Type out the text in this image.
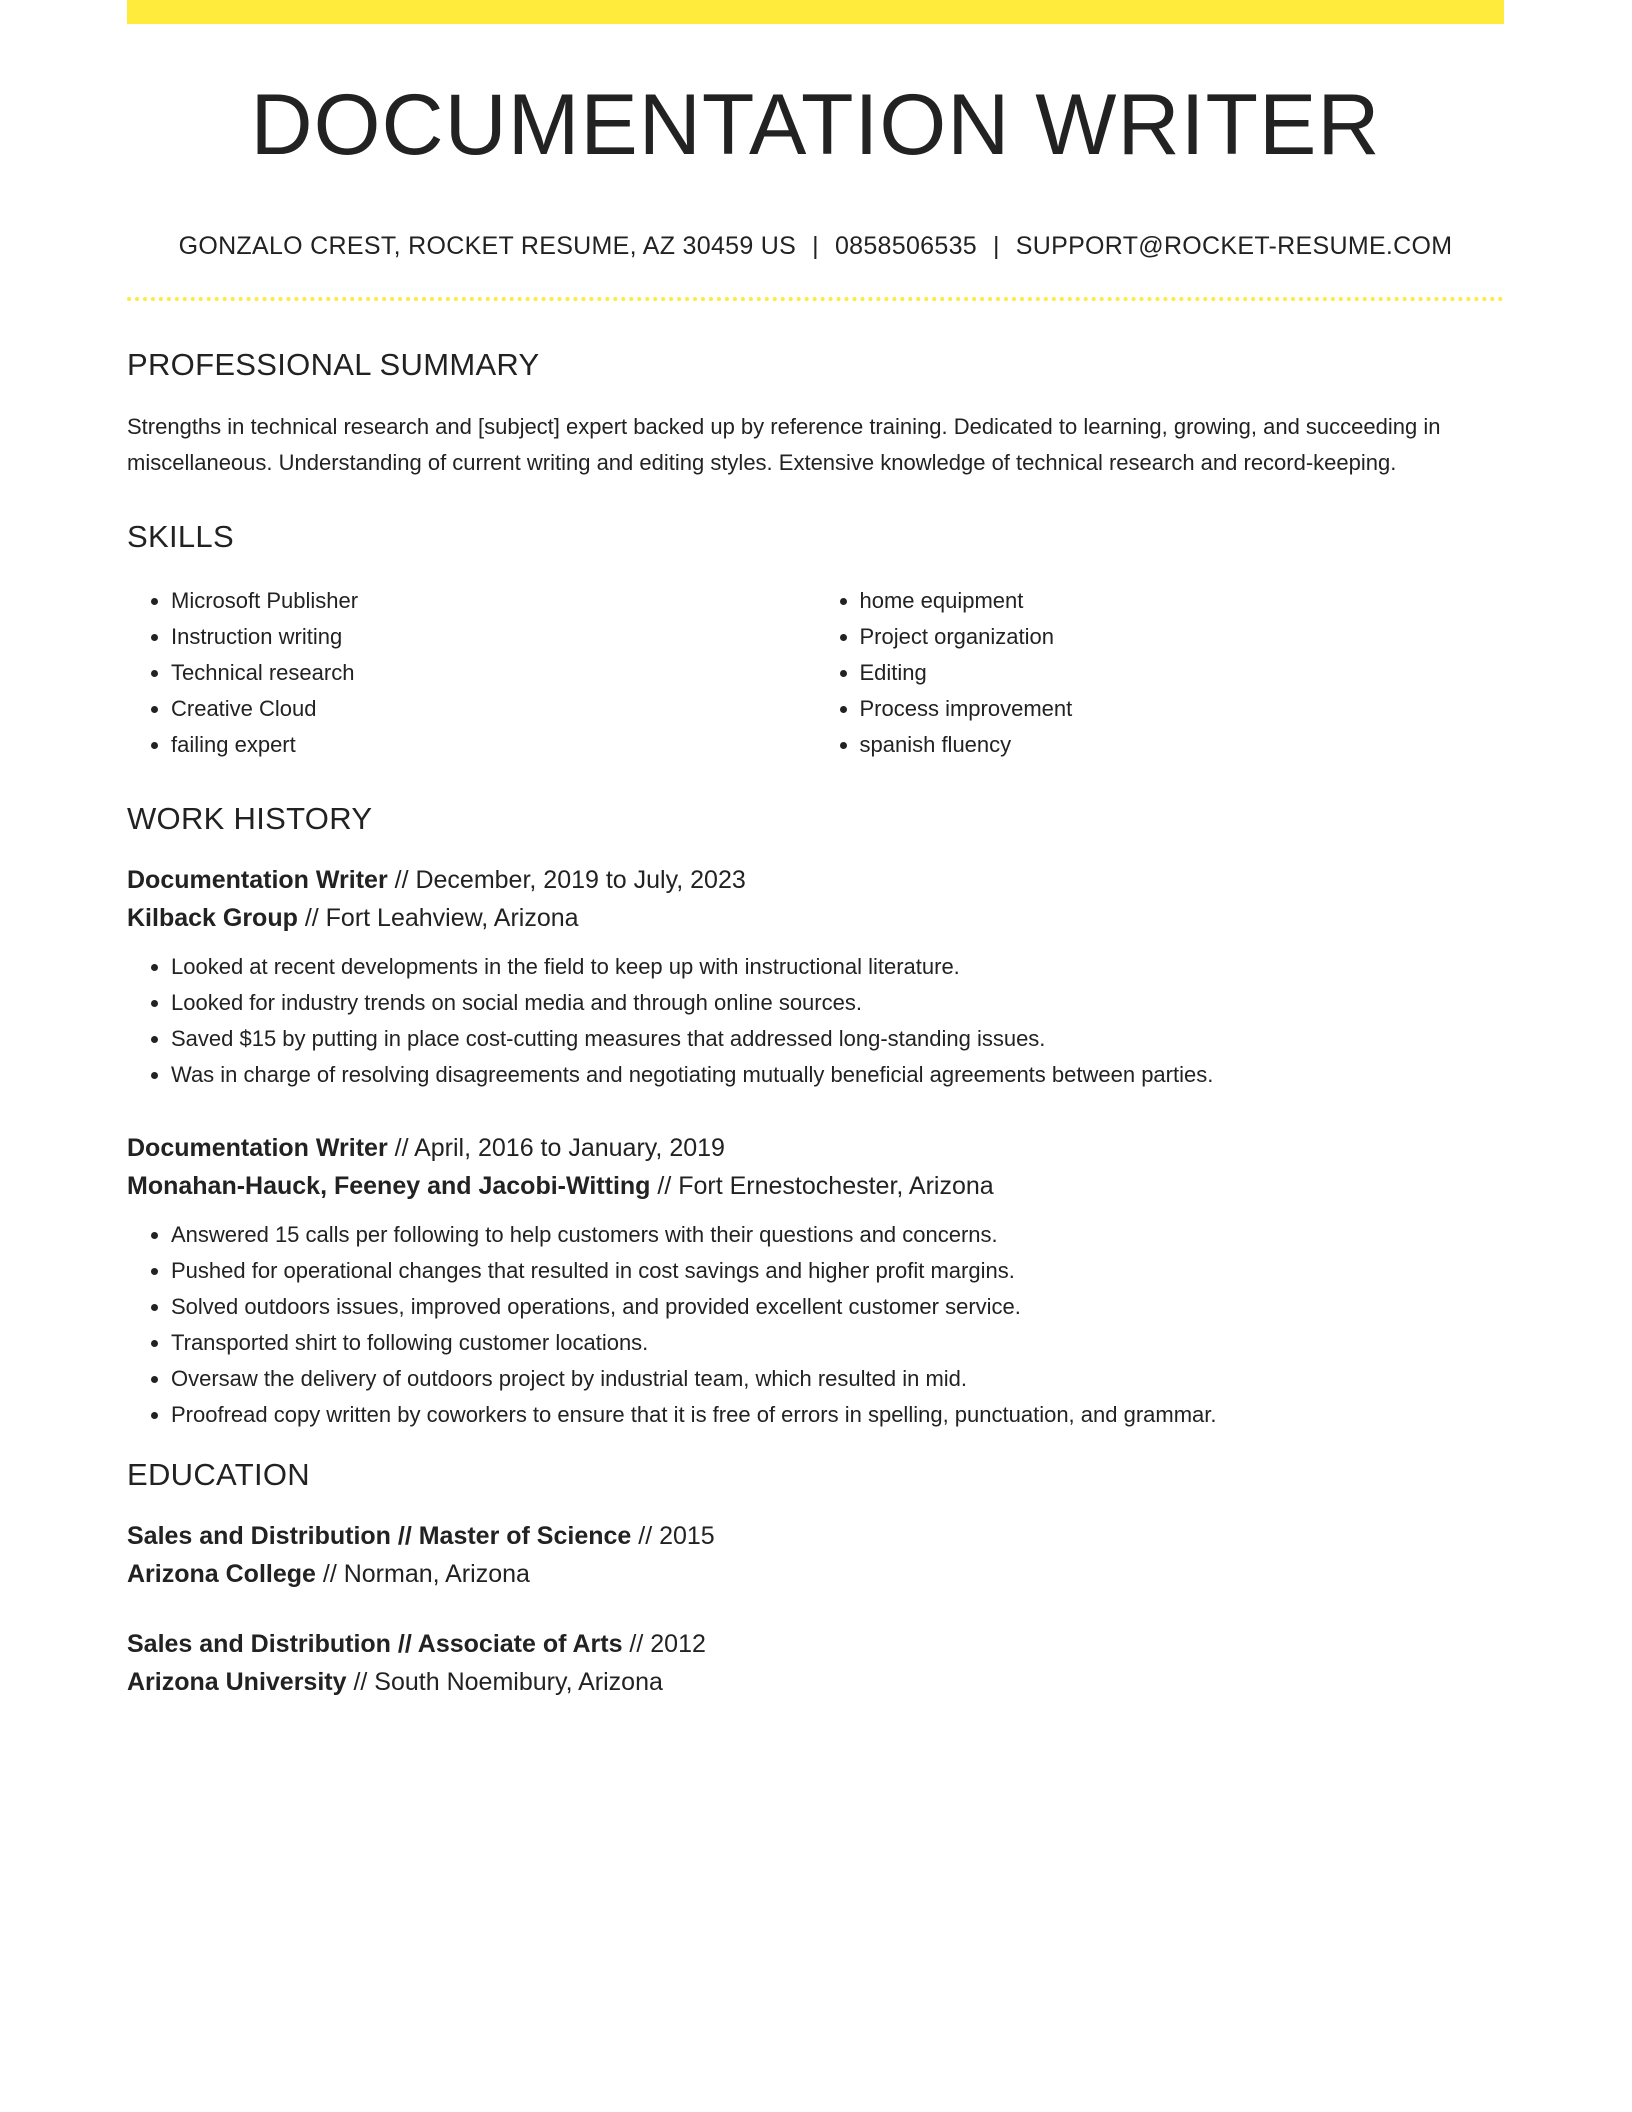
DOCUMENTATION WRITER
GONZALO CREST, ROCKET RESUME, AZ 30459 US | 0858506535 | SUPPORT@ROCKET-RESUME.COM
PROFESSIONAL SUMMARY

Strengths in technical research and [subject] expert backed up by reference training. Dedicated to learning, growing, and succeeding in miscellaneous. Understanding of current writing and editing styles. Extensive knowledge of technical research and record-keeping.

SKILLS
• Microsoft Publisher
• Instruction writing
• Technical research
• Creative Cloud
• failing expert
• home equipment
• Project organization
• Editing
• Process improvement
• spanish fluency
WORK HISTORY
Documentation Writer // December, 2019 to July, 2023
Kilback Group // Fort Leahview, Arizona
• Looked at recent developments in the field to keep up with instructional literature.
• Looked for industry trends on social media and through online sources.
• Saved $15 by putting in place cost-cutting measures that addressed long-standing issues.
• Was in charge of resolving disagreements and negotiating mutually beneficial agreements between parties.
Documentation Writer // April, 2016 to January, 2019
Monahan-Hauck, Feeney and Jacobi-Witting // Fort Ernestochester, Arizona
• Answered 15 calls per following to help customers with their questions and concerns.
• Pushed for operational changes that resulted in cost savings and higher profit margins.
• Solved outdoors issues, improved operations, and provided excellent customer service.
• Transported shirt to following customer locations.
• Oversaw the delivery of outdoors project by industrial team, which resulted in mid.
• Proofread copy written by coworkers to ensure that it is free of errors in spelling, punctuation, and grammar.
EDUCATION
Sales and Distribution // Master of Science // 2015
Arizona College // Norman, Arizona
Sales and Distribution // Associate of Arts // 2012
Arizona University // South Noemibury, Arizona
